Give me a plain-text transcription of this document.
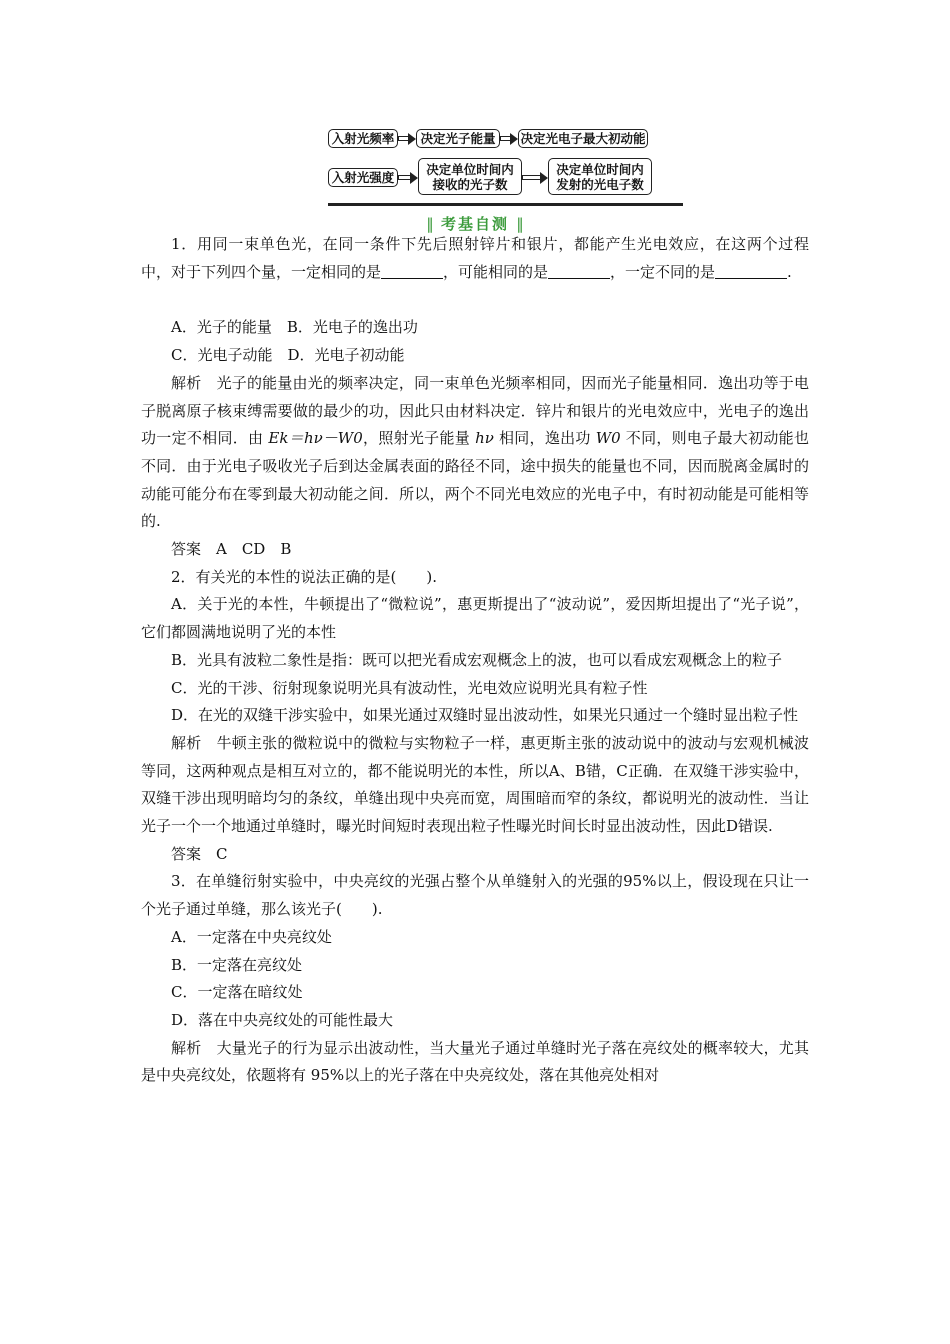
入射光频率 决定光子能量 决定光电子最大初动能
入射光强度
决定单位时间内
接收的光子数
决定单位时间内
发射的光电子数
‖ 考基自测 ‖

1．用同一束单色光，在同一条件下先后照射锌片和银片，都能产生光电效应，在这两个过程中，对于下列四个量，一定相同的是	，可能相同的是	，一定不同的是	.

A．光子的能量　B．光电子的逸出功

C．光电子动能　D．光电子初动能

解析　光子的能量由光的频率决定，同一束单色光频率相同，因而光子能量相同．逸出功等于电子脱离原子核束缚需要做的最少的功，因此只由材料决定．锌片和银片的光电效应中，光电子的逸出功一定不相同．由 Ek＝hν－W0，照射光子能量 hν 相同，逸出功 W0 不同，则电子最大初动能也不同．由于光电子吸收光子后到达金属表面的路径不同，途中损失的能量也不同，因而脱离金属时的动能可能分布在零到最大初动能之间．所以，两个不同光电效应的光电子中，有时初动能是可能相等的.

答案　A　CD　B

2．有关光的本性的说法正确的是(　　).

A．关于光的本性，牛顿提出了“微粒说”，惠更斯提出了“波动说”，爱因斯坦提出了“光子说”，它们都圆满地说明了光的本性

B．光具有波粒二象性是指：既可以把光看成宏观概念上的波，也可以看成宏观概念上的粒子

C．光的干涉、衍射现象说明光具有波动性，光电效应说明光具有粒子性

D．在光的双缝干涉实验中，如果光通过双缝时显出波动性，如果光只通过一个缝时显出粒子性

解析　牛顿主张的微粒说中的微粒与实物粒子一样，惠更斯主张的波动说中的波动与宏观机械波等同，这两种观点是相互对立的，都不能说明光的本性，所以A、B错，C正确．在双缝干涉实验中，双缝干涉出现明暗均匀的条纹，单缝出现中央亮而宽，周围暗而窄的条纹，都说明光的波动性．当让光子一个一个地通过单缝时，曝光时间短时表现出粒子性曝光时间长时显出波动性，因此D错误.

答案　C

3．在单缝衍射实验中，中央亮纹的光强占整个从单缝射入的光强的95%以上，假设现在只让一个光子通过单缝，那么该光子(　　).

A．一定落在中央亮纹处

B．一定落在亮纹处

C．一定落在暗纹处

D．落在中央亮纹处的可能性最大

解析　大量光子的行为显示出波动性，当大量光子通过单缝时光子落在亮纹处的概率较大，尤其是中央亮纹处，依题将有 95%以上的光子落在中央亮纹处，落在其他亮处相对
